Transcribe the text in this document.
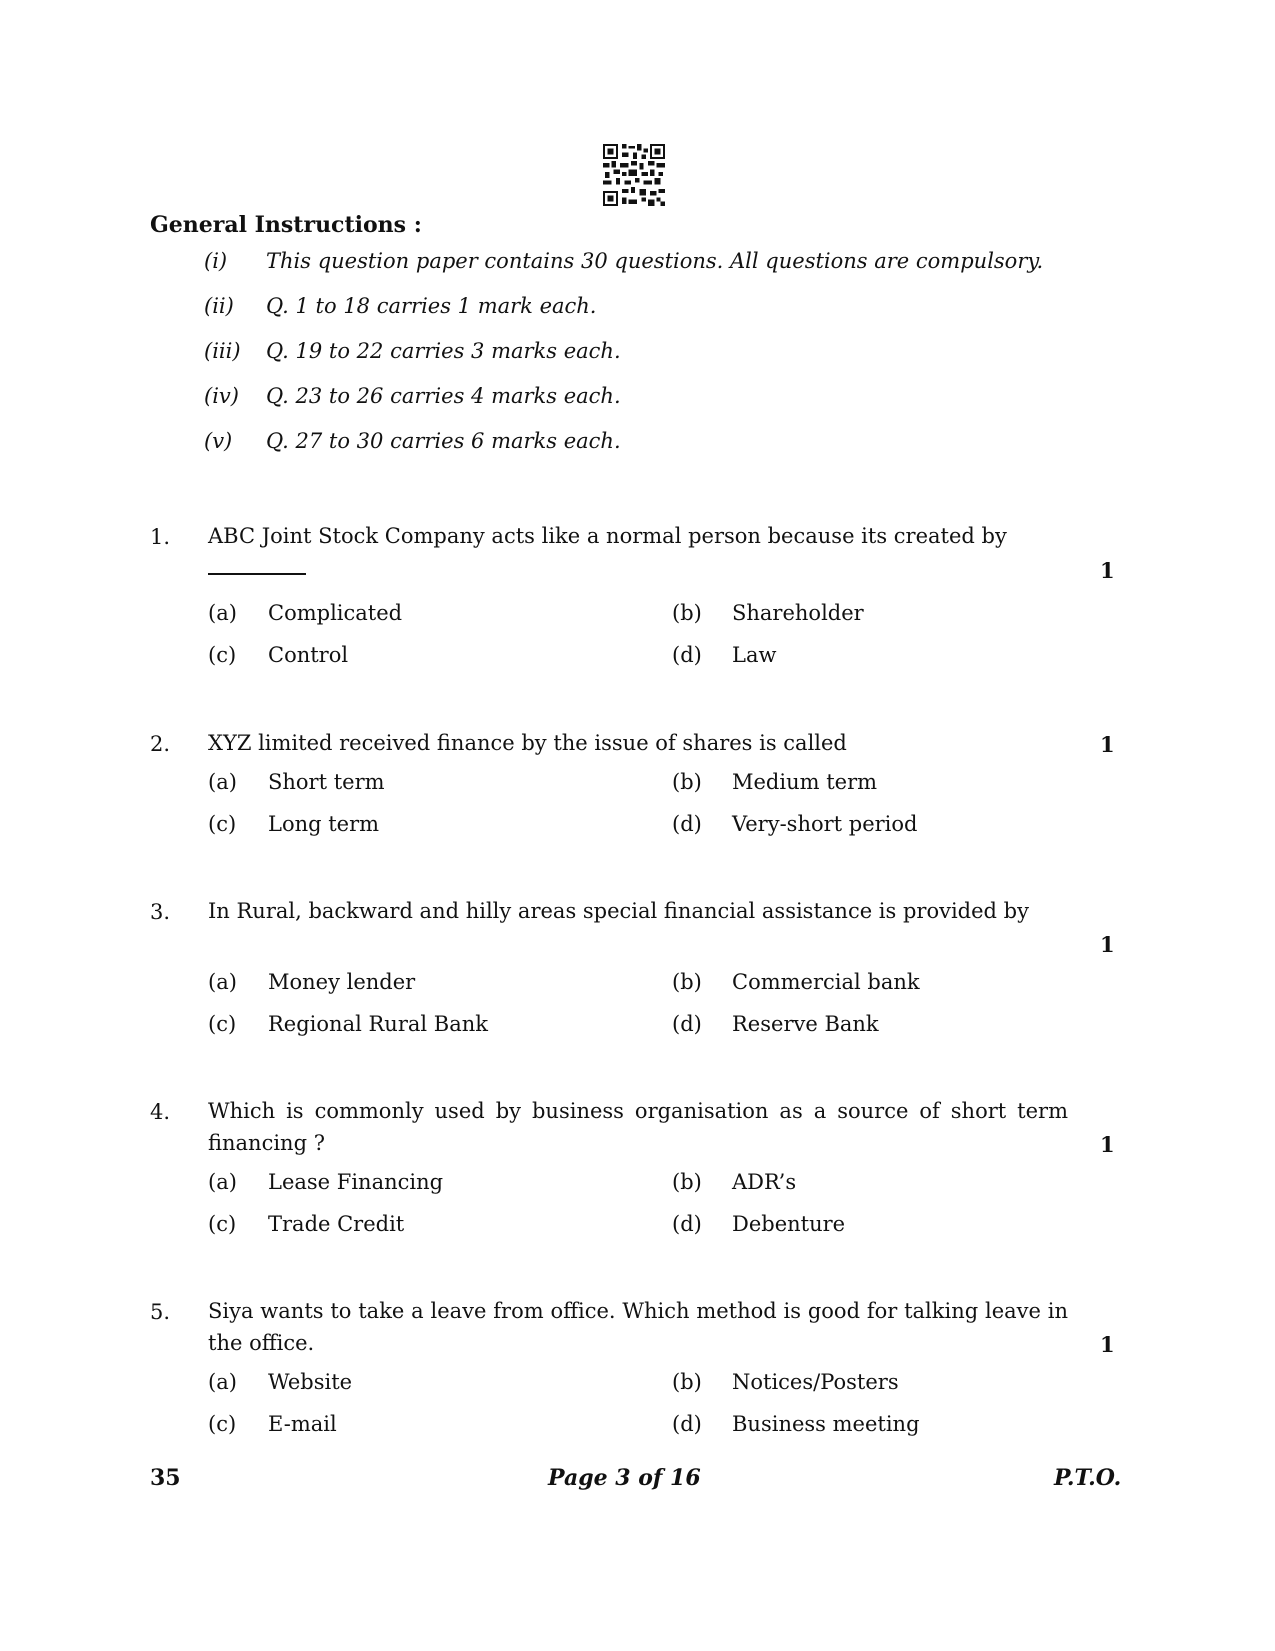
General Instructions :
(i) This question paper contains 30 questions. All questions are compulsory.
(ii) Q. 1 to 18 carries 1 mark each.
(iii) Q. 19 to 22 carries 3 marks each.
(iv) Q. 23 to 26 carries 4 marks each.
(v) Q. 27 to 30 carries 6 marks each.
1. ABC Joint Stock Company acts like a normal person because its created by

1
(a) Complicated	(b) Shareholder
(c) Control	(d) Law
2. XYZ limited received finance by the issue of shares is called	1
(a) Short term	(b) Medium term
(c) Long term	(d) Very-short period
3. In Rural, backward and hilly areas special financial assistance is provided by
1
(a) Money lender	(b) Commercial bank
(c) Regional Rural Bank	(d) Reserve Bank
4. Which is commonly used by business organisation as a source of short term financing ?	1
(a) Lease Financing	(b) ADR’s
(c) Trade Credit	(d) Debenture
5. Siya wants to take a leave from office. Which method is good for talking leave in the office.	1
(a) Website	(b) Notices/Posters
(c) E-mail	(d) Business meeting
35	Page 3 of 16	P.T.O.
